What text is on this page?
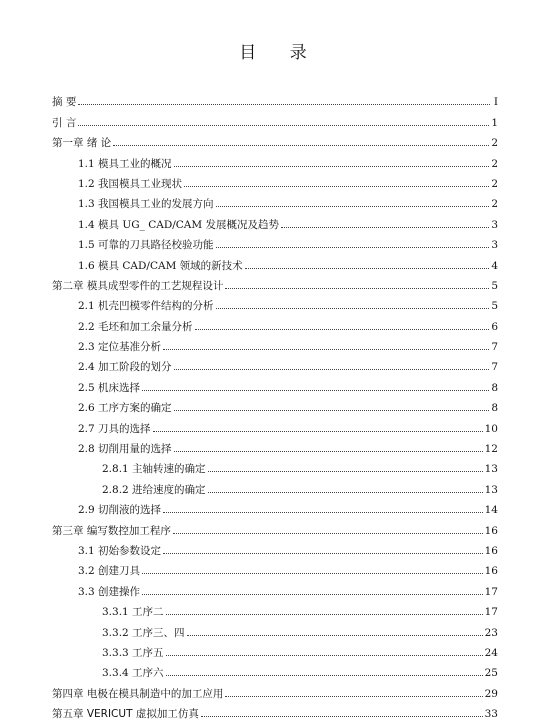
目 录
摘 要	I
引 言	1
第一章 绪 论	2
1.1 模具工业的概况	2
1.2 我国模具工业现状	2
1.3 我国模具工业的发展方向	2
1.4 模具 UG_ CAD/CAM 发展概况及趋势	3
1.5 可靠的刀具路径校验功能	3
1.6 模具 CAD/CAM 领域的新技术	4
第二章 模具成型零件的工艺规程设计	5
2.1 机壳凹模零件结构的分析	5
2.2 毛坯和加工余量分析	6
2.3 定位基准分析	7
2.4 加工阶段的划分	7
2.5 机床选择	8
2.6 工序方案的确定	8
2.7 刀具的选择	10
2.8 切削用量的选择	12
2.8.1 主轴转速的确定	13
2.8.2 进给速度的确定	13
2.9 切削液的选择	14
第三章 编写数控加工程序	16
3.1 初始参数设定	16
3.2 创建刀具	16
3.3 创建操作	17
3.3.1 工序二	17
3.3.2 工序三、四	23
3.3.3 工序五	24
3.3.4 工序六	25
第四章 电极在模具制造中的加工应用	29
第五章 VERICUT 虚拟加工仿真	33
